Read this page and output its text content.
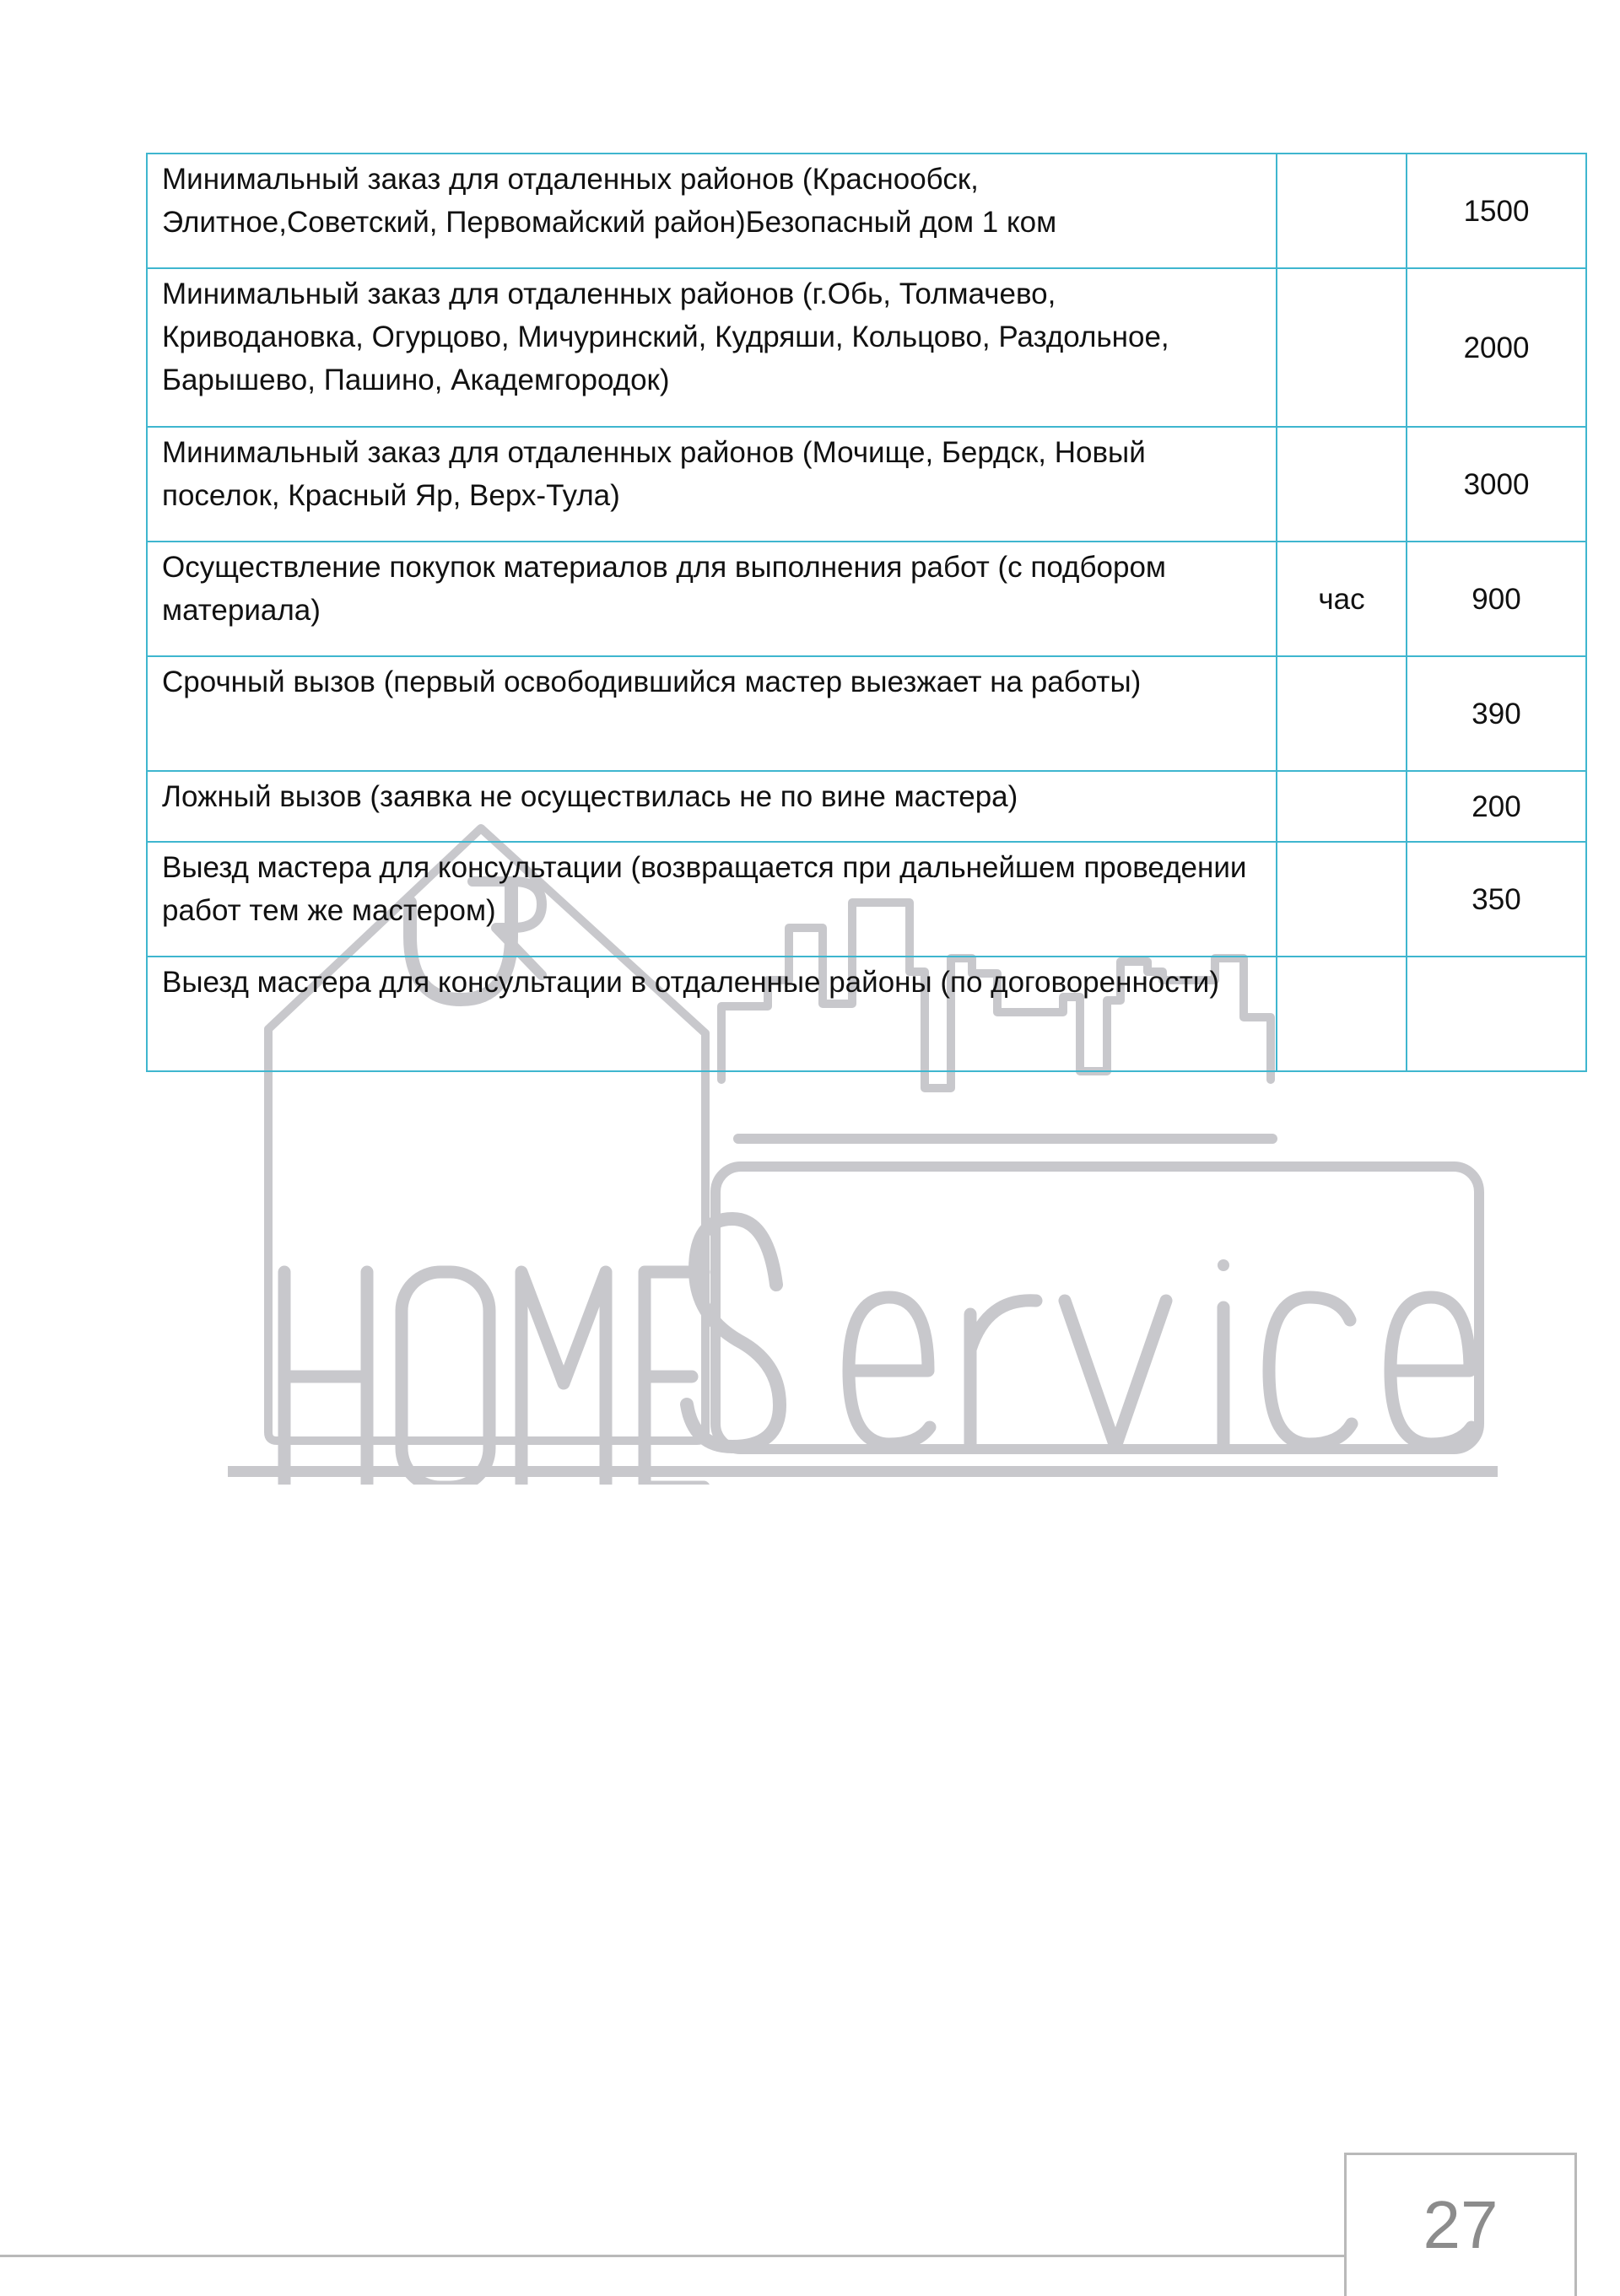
Минимальный заказ для отдаленных районов (Краснообск, Элитное,Советский, Первомайский район)Безопасный дом 1 ком		1500
Минимальный заказ для отдаленных районов (г.Обь, Толмачево, Криводановка, Огурцово, Мичуринский, Кудряши, Кольцово, Раздольное, Барышево, Пашино, Академгородок)		2000
Минимальный заказ для отдаленных районов (Мочище, Бердск, Новый поселок, Красный Яр, Верх-Тула)		3000
Осуществление покупок материалов для выполнения работ (с подбором материала)	час	900
Срочный вызов (первый освободившийся мастер выезжает на работы)		390
Ложный вызов (заявка не осуществилась не по вине мастера)		200
Выезд мастера для консультации (возвращается при дальнейшем проведении работ тем же мастером)		350
Выезд мастера для консультации в отдаленные районы (по договоренности)		
27
